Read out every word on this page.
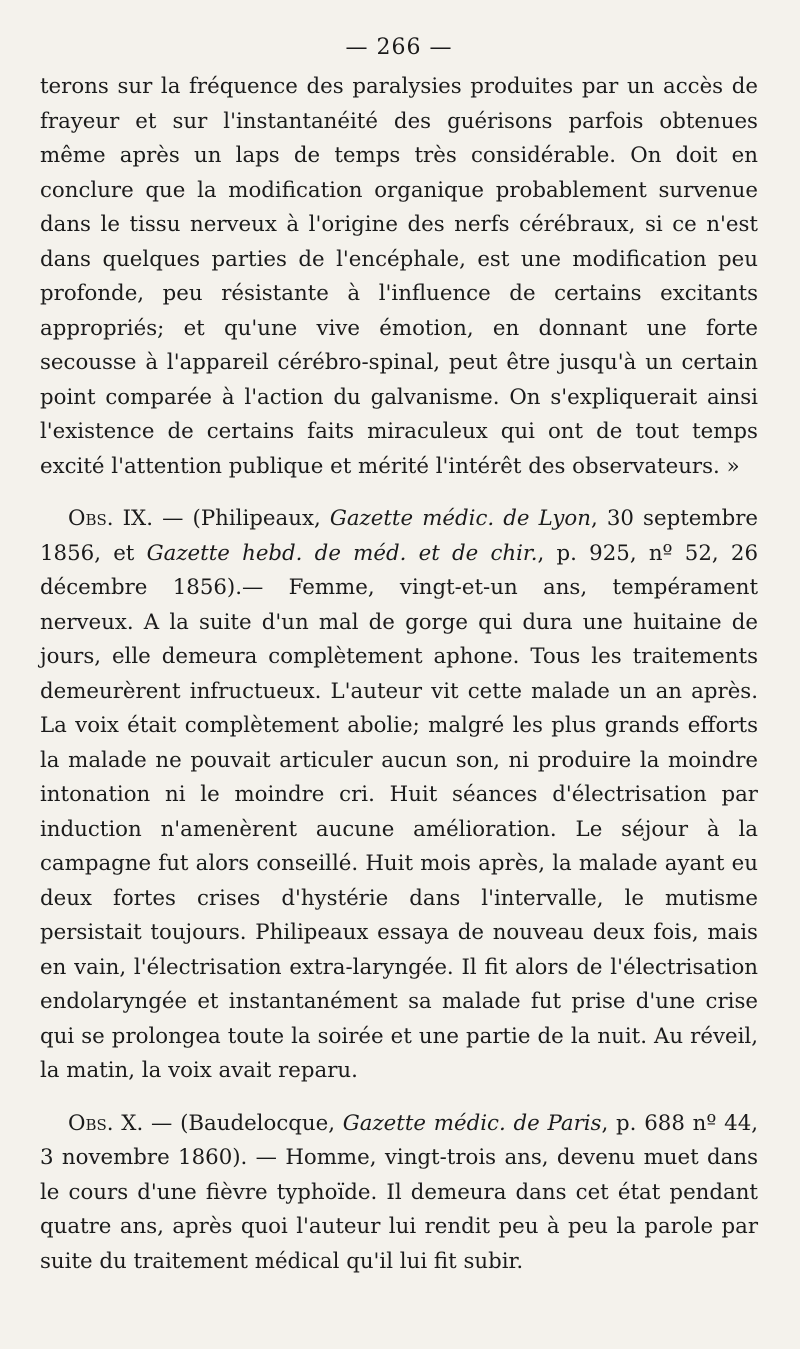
— 266 —

terons sur la fréquence des paralysies produites par un accès de frayeur et sur l'instantanéité des guérisons parfois obtenues même après un laps de temps très considérable. On doit en conclure que la modification organique probablement survenue dans le tissu nerveux à l'origine des nerfs cérébraux, si ce n'est dans quelques parties de l'encéphale, est une modification peu profonde, peu résistante à l'influence de certains excitants appropriés; et qu'une vive émotion, en donnant une forte secousse à l'appareil cérébro-spinal, peut être jusqu'à un certain point comparée à l'action du galvanisme. On s'expliquerait ainsi l'existence de certains faits miraculeux qui ont de tout temps excité l'attention publique et mérité l'intérêt des observateurs. »

Obs. IX. — (Philipeaux, Gazette médic. de Lyon, 30 septembre 1856, et Gazette hebd. de méd. et de chir., p. 925, nº 52, 26 décembre 1856).— Femme, vingt-et-un ans, tempérament nerveux. A la suite d'un mal de gorge qui dura une huitaine de jours, elle demeura complètement aphone. Tous les traitements demeurèrent infructueux. L'auteur vit cette malade un an après. La voix était complètement abolie; malgré les plus grands efforts la malade ne pouvait articuler aucun son, ni produire la moindre intonation ni le moindre cri. Huit séances d'électrisation par induction n'amenèrent aucune amélioration. Le séjour à la campagne fut alors conseillé. Huit mois après, la malade ayant eu deux fortes crises d'hystérie dans l'intervalle, le mutisme persistait toujours. Philipeaux essaya de nouveau deux fois, mais en vain, l'électrisation extra-laryngée. Il fit alors de l'électrisation endolaryngée et instantanément sa malade fut prise d'une crise qui se prolongea toute la soirée et une partie de la nuit. Au réveil, la matin, la voix avait reparu.

Obs. X. — (Baudelocque, Gazette médic. de Paris, p. 688 nº 44, 3 novembre 1860). — Homme, vingt-trois ans, devenu muet dans le cours d'une fièvre typhoïde. Il demeura dans cet état pendant quatre ans, après quoi l'auteur lui rendit peu à peu la parole par suite du traitement médical qu'il lui fit subir.
